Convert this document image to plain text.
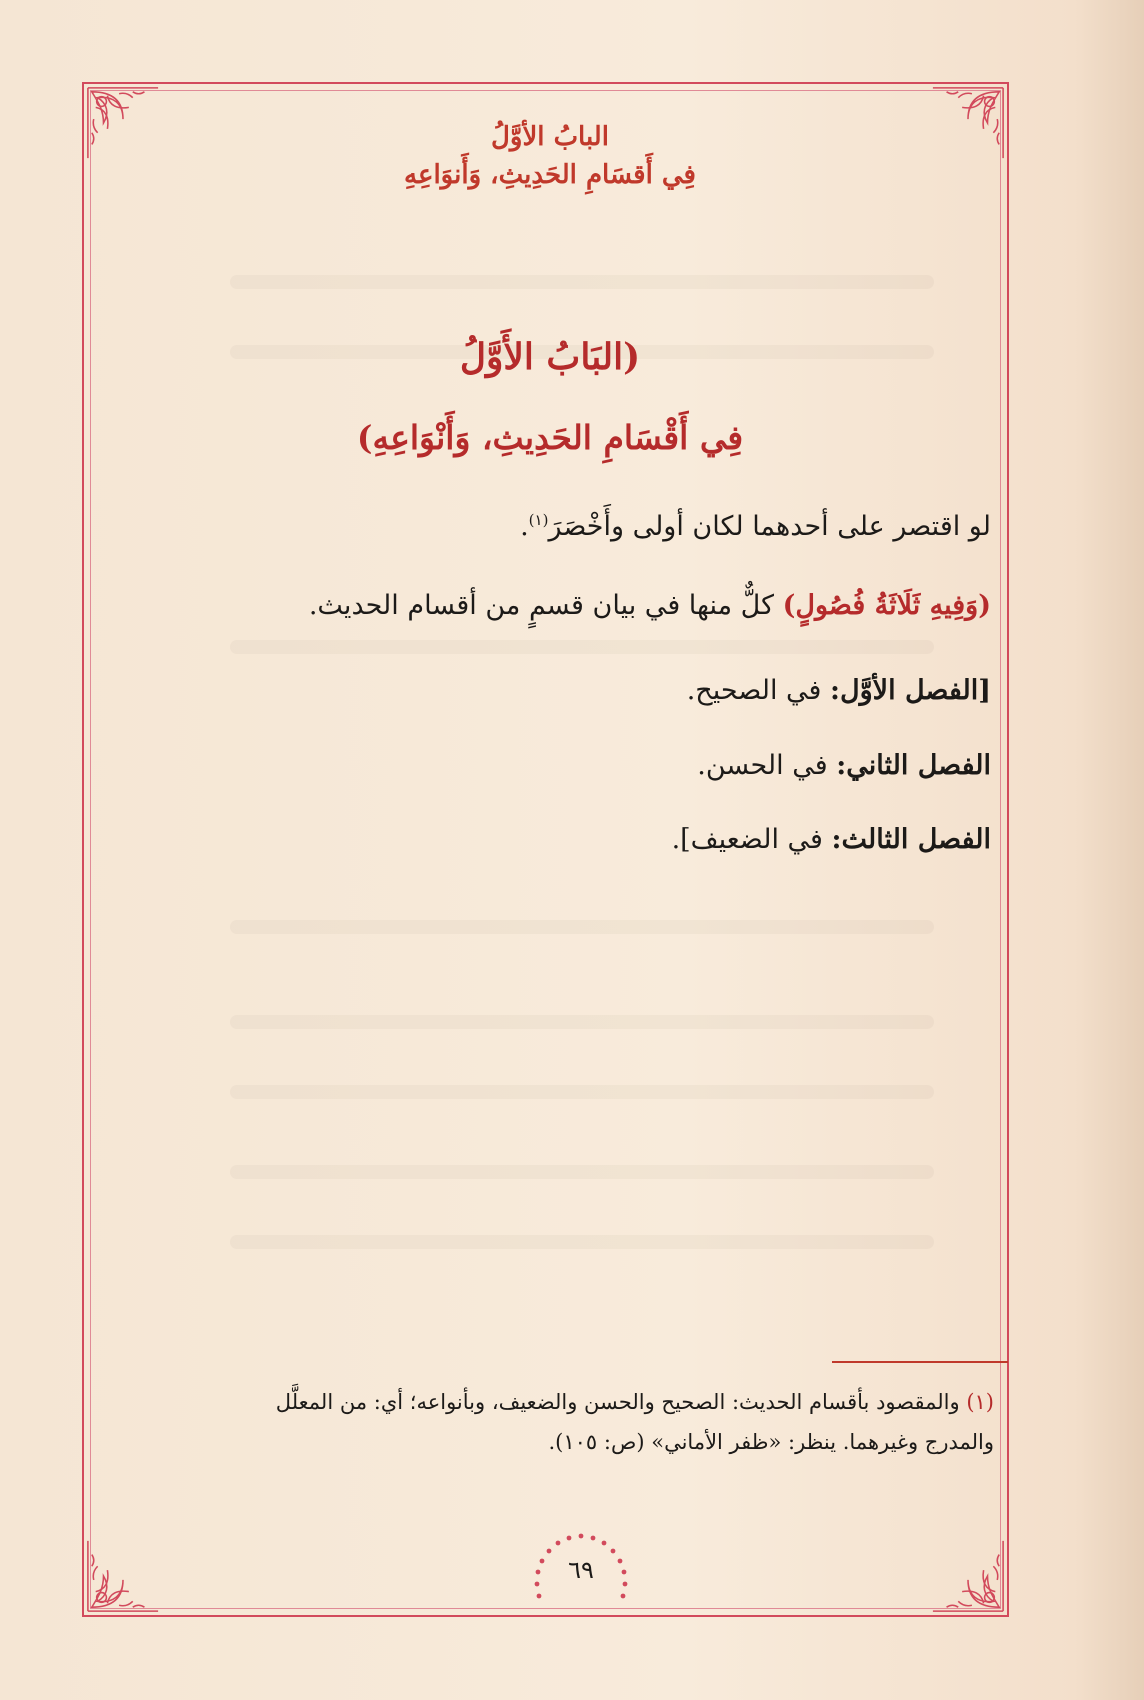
البابُ الأوَّلُ
فِي أَقسَامِ الحَدِيثِ، وَأَنوَاعِهِ
(البَابُ الأَوَّلُ
فِي أَقْسَامِ الحَدِيثِ، وَأَنْوَاعِهِ)
لو اقتصر على أحدهما لكان أولى وأَخْصَرَ$^{(١)}$.
(وَفِيهِ ثَلَاثَةُ فُصُولٍ) كلٌّ منها في بيان قسمٍ من أقسام الحديث.
[الفصل الأوَّل: في الصحيح.
الفصل الثاني: في الحسن.
الفصل الثالث: في الضعيف].
(١) والمقصود بأقسام الحديث: الصحيح والحسن والضعيف، وبأنواعه؛ أي: من المعلَّل
والمدرج وغيرهما. ينظر: «ظفر الأماني» (ص: ١٠٥).
٦٩
